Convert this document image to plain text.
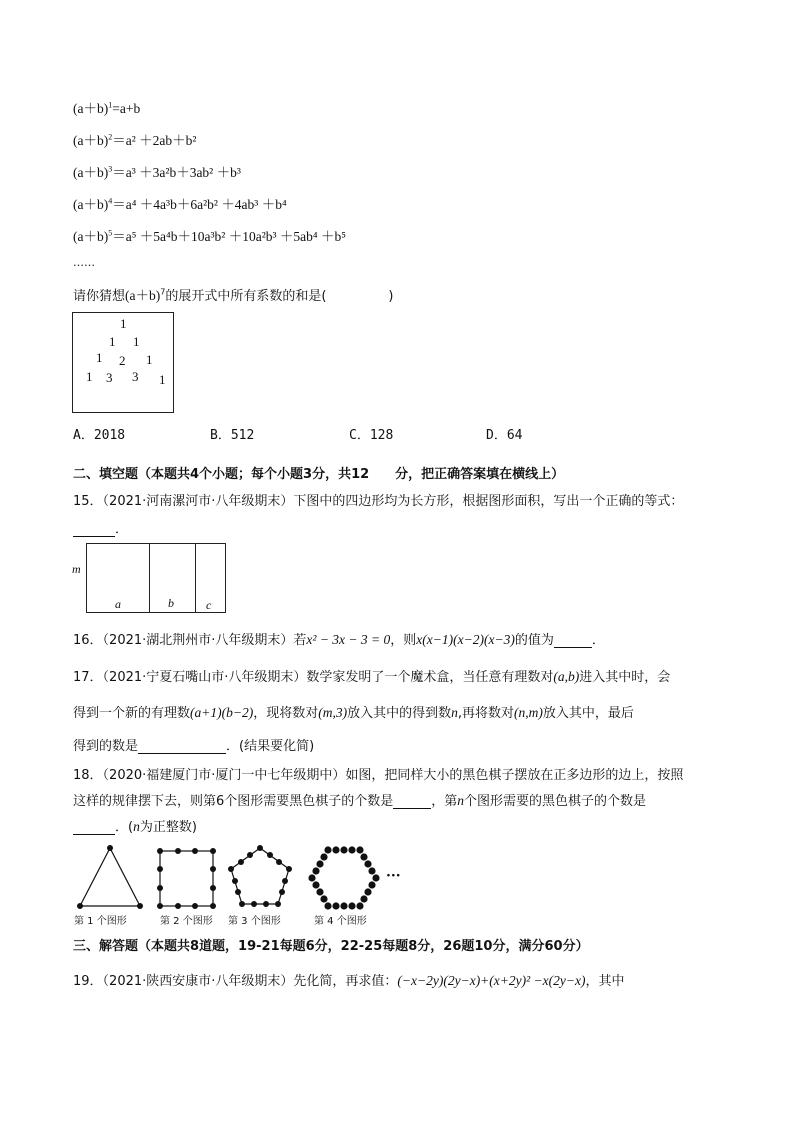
$(a+b)^1=a+b$
$(a+b)^2=a^2 +2ab+b^2$
$(a+b)^3=a^3 +3a^2b+3ab^2 +b^3$
$(a+b)^4=a^4 +4a^3b+6a^2b^2 +4ab^3 +b^4$
$(a+b)^5=a^5 +5a^4b+10a^3b^2 +10a^2b^3 +5ab^4 +b^5$
……
请你猜想$(a+b)^7$的展开式中所有系数的和是(	)
1
1 1
1 2 1
1 3 3 1
A．2018	B．512	C．128	D．64
二、填空题（本题共4个小题；每个小题3分，共12　　分，把正确答案填在横线上）
15．（2021·河南漯河市·八年级期末）下图中的四边形均为长方形，根据图形面积，写出一个正确的等式：
．
m
a	b	c
16．（2021·湖北荆州市·八年级期末）若x² − 3x − 3 = 0，则x(x−1)(x−2)(x−3)的值为	．
17．（2021·宁夏石嘴山市·八年级期末）数学家发明了一个魔术盒，当任意有理数对(a,b)进入其中时，会
得到一个新的有理数(a+1)(b−2)，现将数对(m,3)放入其中的得到数n,再将数对(n,m)放入其中，最后
得到的数是	．(结果要化简)
18．（2020·福建厦门市·厦门一中七年级期中）如图，把同样大小的黑色棋子摆放在正多边形的边上，按照
这样的规律摆下去，则第6个图形需要黑色棋子的个数是	，第n个图形需要的黑色棋子的个数是
．(n为正整数)
···
第 1 个图形	第 2 个图形 第 3 个图形	第 4 个图形
三、解答题（本题共8道题，19-21每题6分，22-25每题8分，26题10分，满分60分）
19．（2021·陕西安康市·八年级期末）先化简，再求值：(−x−2y)(2y−x)+(x+2y)² −x(2y−x)，其中
